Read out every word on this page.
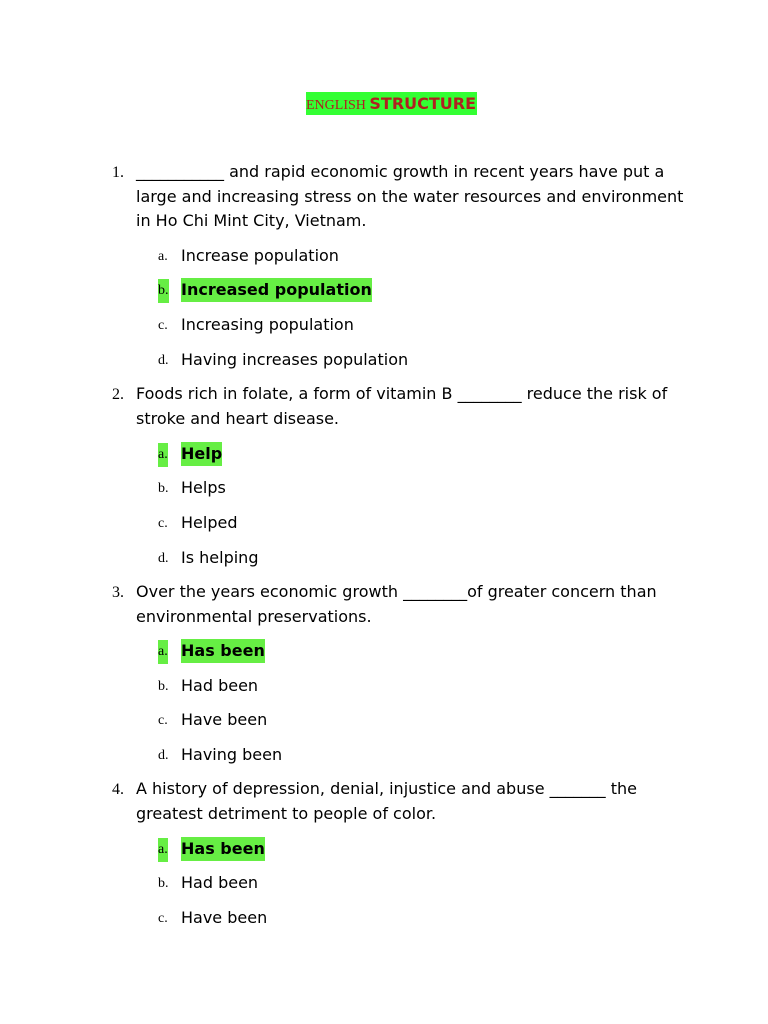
ENGLISH STRUCTURE
1. ___________ and rapid economic growth in recent years have put a large and increasing stress on the water resources and environment in Ho Chi Mint City, Vietnam.
a. Increase population
b. Increased population
c. Increasing population
d. Having increases population
2. Foods rich in folate, a form of vitamin B ________ reduce the risk of stroke and heart disease.
a. Help
b. Helps
c. Helped
d. Is helping
3. Over the years economic growth ________of greater concern than environmental preservations.
a. Has been
b. Had been
c. Have been
d. Having been
4. A history of depression, denial, injustice and abuse _______ the greatest detriment to people of color.
a. Has been
b. Had been
c. Have been
